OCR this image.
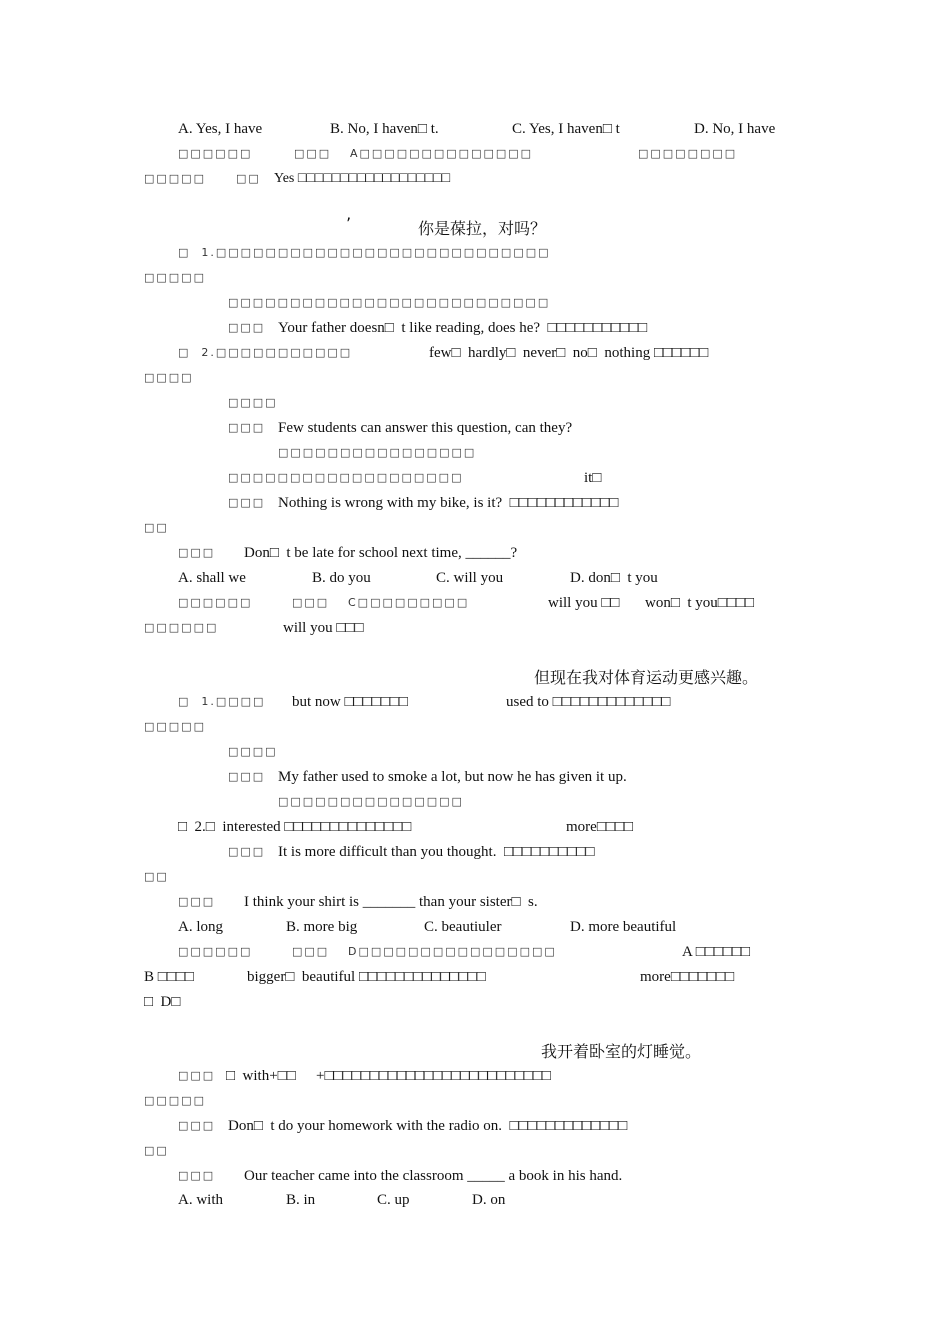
A. Yes, I have	B. No, I haven□ t.	C. Yes, I haven□ t	D. No, I have
□□□□□□	□□□ A□□□□□□□□□□□□□□	□□□□□□□□
□□□□□	□□ Yes □□□□□□□□□□□□□□□□□□
’	你是葆拉，对吗？
□  1.□□□□□□□□□□□□□□□□□□□□□□□□□□□
□□□□□
□□□□□□□□□□□□□□□□□□□□□□□□□□
□□□ Your father doesn□  t like reading, does he?  □□□□□□□□□□□
□  2.□□□□□□□□□□□	few□  hardly□  never□  no□  nothing □□□□□□
□□□□
□□□□
□□□ Few students can answer this question, can they?
□□□□□□□□□□□□□□□□
□□□□□□□□□□□□□□□□□□□	it□
□□□ Nothing is wrong with my bike, is it?  □□□□□□□□□□□□
□□
□□□ Don□  t be late for school next time, ______?
A. shall we	B. do you	C. will you	D. don□  t you
□□□□□□	□□□ C□□□□□□□□□	will you □□ won□  t you□□□□
□□□□□□	will you □□□
但现在我对体育运动更感兴趣。
□  1.□□□□ but now □□□□□□□	used to □□□□□□□□□□□□□
□□□□□
□□□□
□□□ My father used to smoke a lot, but now he has given it up.
□□□□□□□□□□□□□□□
□  2.□  interested □□□□□□□□□□□□□□	more□□□□
□□□ It is more difficult than you thought.  □□□□□□□□□□
□□
□□□ I think your shirt is _______ than your sister□  s.
A. long	B. more big	C. beautiuler	D. more beautiful
□□□□□□	□□□ D□□□□□□□□□□□□□□□□	A □□□□□□
B □□□□	bigger□  beautiful □□□□□□□□□□□□□□	more□□□□□□□
□  D□
我开着卧室的灯睡觉。
□□□ □  with+□□ +□□□□□□□□□□□□□□□□□□□□□□□□□
□□□□□
□□□ Don□  t do your homework with the radio on.  □□□□□□□□□□□□□
□□
□□□ Our teacher came into the classroom _____ a book in his hand.
A. with	B. in	C. up	D. on
